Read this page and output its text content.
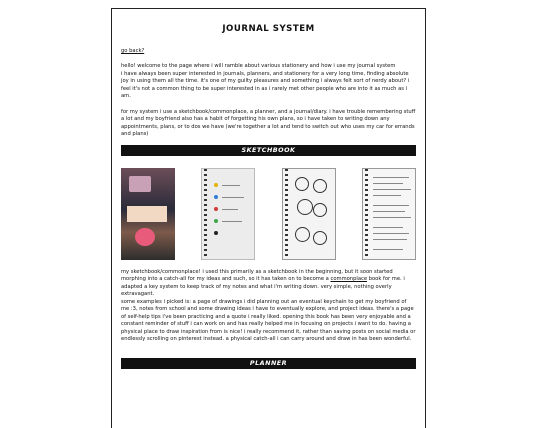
JOURNAL SYSTEM
go back?

hello! welcome to the page where i will ramble about various stationery and how i use my journal system

i have always been super interested in journals, planners, and stationery for a very long time, finding absolute joy in using them all the time. it's one of my guilty pleasures and something i always felt sort of nerdy about? i feel it's not a common thing to be super interested in as i rarely met other people who are into it as much as i am.

for my system i use a sketchbook/commonplace, a planner, and a journal/diary. i have trouble remembering stuff a lot and my boyfriend also has a habit of forgetting his own plans, so i have taken to writing down any appointments, plans, or to dos we have (we're together a lot and tend to switch out who uses my car for errands and plans)

SKETCHBOOK

my sketchbook/commonplace! i used this primarily as a sketchbook in the beginning, but it soon started morphing into a catch-all for my ideas and such, so it has taken on to become a commonplace book for me. i adapted a key system to keep track of my notes and what i'm writing down. very simple, nothing overly extravagant.

some examples i picked is: a page of drawings i did planning out an eventual keychain to get my boyfriend of me :3, notes from school and some drawing ideas i have to eventually explore, and project ideas. there's a page of self-help tips i've been practicing and a quote i really liked. opening this book has been very enjoyable and a constant reminder of stuff i can work on and has really helped me in focusing on projects i want to do. having a physical place to draw inspiration from is nice! i really recommend it, rather than saving posts on social media or endlessly scrolling on pinterest instead. a physical catch-all i can carry around and draw in has been wonderful.

PLANNER
